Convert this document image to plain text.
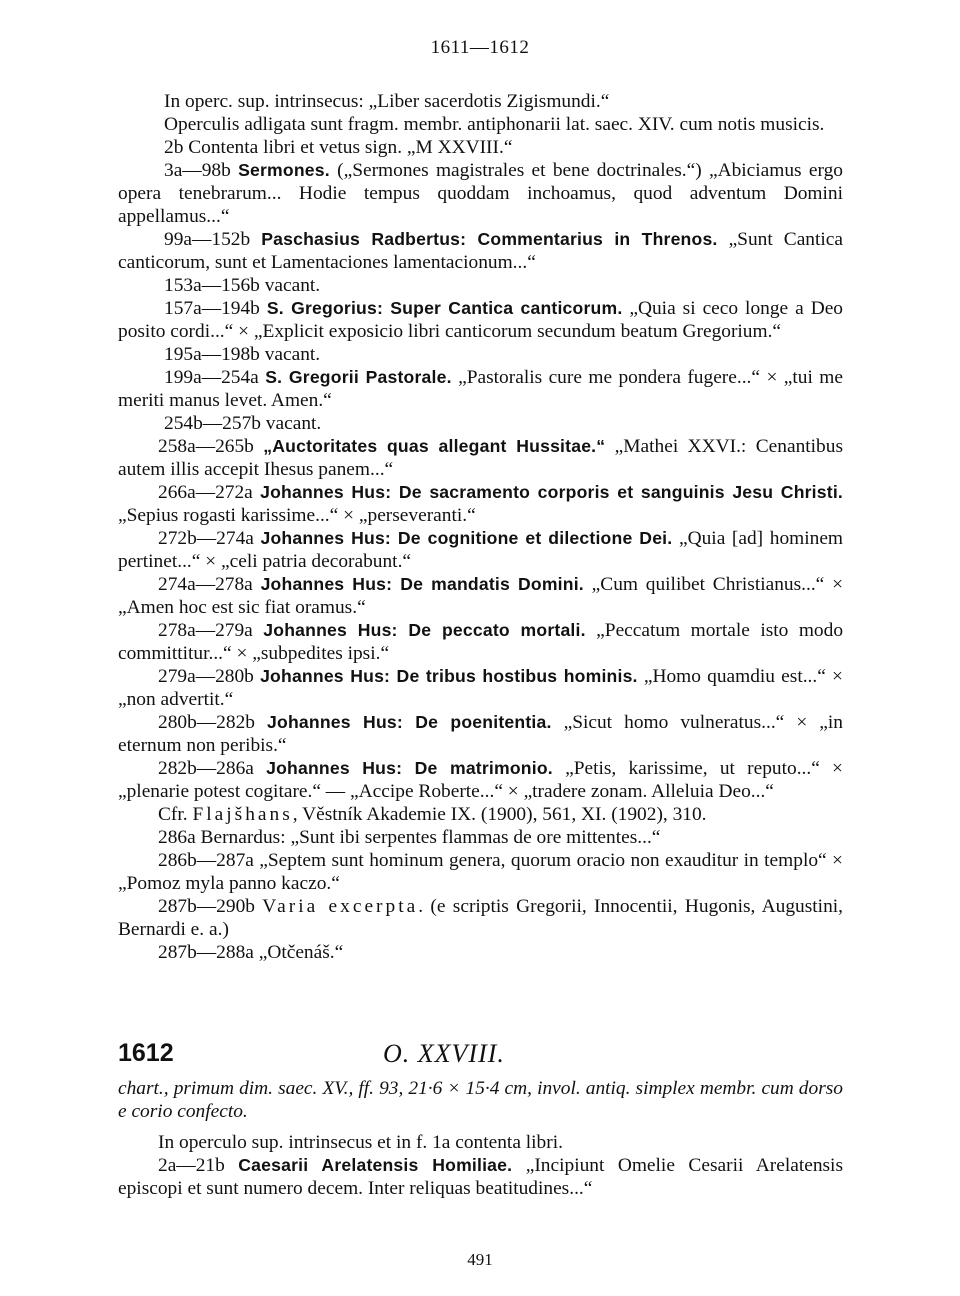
1611—1612

In operc. sup. intrinsecus: „Liber sacerdotis Zigismundi.“

Operculis adligata sunt fragm. membr. antiphonarii lat. saec. XIV. cum notis musicis.

2b Contenta libri et vetus sign. „M XXVIII.“

3a—98b Sermones. („Sermones magistrales et bene doctrinales.“) „Abiciamus ergo opera tenebrarum... Hodie tempus quoddam inchoamus, quod adventum Domini appellamus...“

99a—152b Paschasius Radbertus: Commentarius in Threnos. „Sunt Cantica canticorum, sunt et Lamentaciones lamentacionum...“

153a—156b vacant.

157a—194b S. Gregorius: Super Cantica canticorum. „Quia si ceco longe a Deo posito cordi...“ × „Explicit exposicio libri canticorum secundum beatum Gregorium.“

195a—198b vacant.

199a—254a S. Gregorii Pastorale. „Pastoralis cure me pondera fugere...“ × „tui me meriti manus levet. Amen.“

254b—257b vacant.

258a—265b „Auctoritates quas allegant Hussitae.“ „Mathei XXVI.: Cenantibus autem illis accepit Ihesus panem...“

266a—272a Johannes Hus: De sacramento corporis et sanguinis Jesu Christi. „Sepius rogasti karissime...“ × „perseveranti.“

272b—274a Johannes Hus: De cognitione et dilectione Dei. „Quia [ad] hominem pertinet...“ × „celi patria decorabunt.“

274a—278a Johannes Hus: De mandatis Domini. „Cum quilibet Christianus...“ × „Amen hoc est sic fiat oramus.“

278a—279a Johannes Hus: De peccato mortali. „Peccatum mortale isto modo committitur...“ × „subpedites ipsi.“

279a—280b Johannes Hus: De tribus hostibus hominis. „Homo quamdiu est...“ × „non advertit.“

280b—282b Johannes Hus: De poenitentia. „Sicut homo vulneratus...“ × „in eternum non peribis.“

282b—286a Johannes Hus: De matrimonio. „Petis, karissime, ut reputo...“ × „plenarie potest cogitare.“ — „Accipe Roberte...“ × „tradere zonam. Alleluia Deo...“

Cfr. Flajšhans, Věstník Akademie IX. (1900), 561, XI. (1902), 310.

286a Bernardus: „Sunt ibi serpentes flammas de ore mittentes...“

286b—287a „Septem sunt hominum genera, quorum oracio non exauditur in templo“ × „Pomoz myla panno kaczo.“

287b—290b Varia excerpta. (e scriptis Gregorii, Innocentii, Hugonis, Augustini, Bernardi e. a.)

287b—288a „Otčenáš.“

1612	O. XXVIII.

chart., primum dim. saec. XV., ff. 93, 21·6 × 15·4 cm, invol. antiq. simplex membr. cum dorso e corio confecto.

In operculo sup. intrinsecus et in f. 1a contenta libri.

2a—21b Caesarii Arelatensis Homiliae. „Incipiunt Omelie Cesarii Arelatensis episcopi et sunt numero decem. Inter reliquas beatitudines...“

491
